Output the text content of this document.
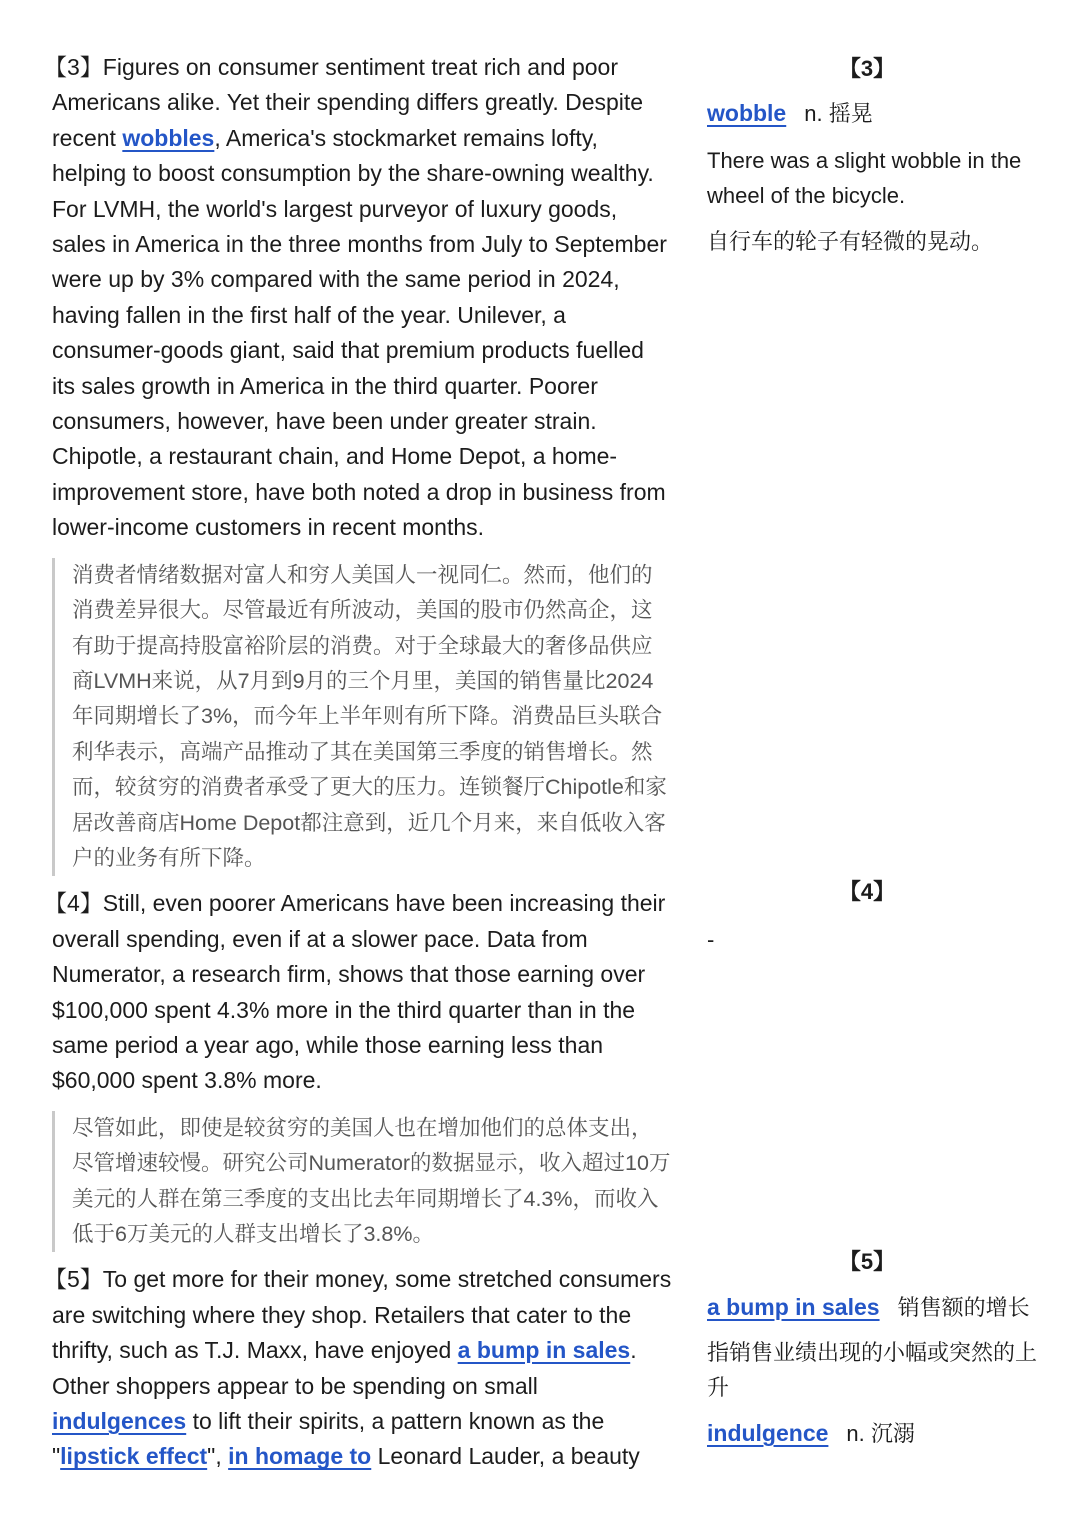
【3】Figures on consumer sentiment treat rich and poor Americans alike. Yet their spending differs greatly. Despite recent wobbles, America's stockmarket remains lofty, helping to boost consumption by the share-owning wealthy. For LVMH, the world's largest purveyor of luxury goods, sales in America in the three months from July to September were up by 3% compared with the same period in 2024, having fallen in the first half of the year. Unilever, a consumer-goods giant, said that premium products fuelled its sales growth in America in the third quarter. Poorer consumers, however, have been under greater strain. Chipotle, a restaurant chain, and Home Depot, a home-improvement store, have both noted a drop in business from lower-income customers in recent months.

消费者情绪数据对富人和穷人美国人一视同仁。然而，他们的消费差异很大。尽管最近有所波动，美国的股市仍然高企，这有助于提高持股富裕阶层的消费。对于全球最大的奢侈品供应商LVMH来说，从7月到9月的三个月里，美国的销售量比2024年同期增长了3%，而今年上半年则有所下降。消费品巨头联合利华表示，高端产品推动了其在美国第三季度的销售增长。然而，较贫穷的消费者承受了更大的压力。连锁餐厅Chipotle和家居改善商店Home Depot都注意到，近几个月来，来自低收入客户的业务有所下降。

【4】Still, even poorer Americans have been increasing their overall spending, even if at a slower pace. Data from Numerator, a research firm, shows that those earning over $100,000 spent 4.3% more in the third quarter than in the same period a year ago, while those earning less than $60,000 spent 3.8% more.

尽管如此，即使是较贫穷的美国人也在增加他们的总体支出，尽管增速较慢。研究公司Numerator的数据显示，收入超过10万美元的人群在第三季度的支出比去年同期增长了4.3%，而收入低于6万美元的人群支出增长了3.8%。

【5】To get more for their money, some stretched consumers are switching where they shop. Retailers that cater to the thrifty, such as T.J. Maxx, have enjoyed a bump in sales. Other shoppers appear to be spending on small indulgences to lift their spirits, a pattern known as the "lipstick effect", in homage to Leonard Lauder, a beauty

【3】

wobble n. 摇晃

There was a slight wobble in the wheel of the bicycle.

自行车的轮子有轻微的晃动。

【4】

-

【5】

a bump in sales 销售额的增长

指销售业绩出现的小幅或突然的上升

indulgence n. 沉溺
